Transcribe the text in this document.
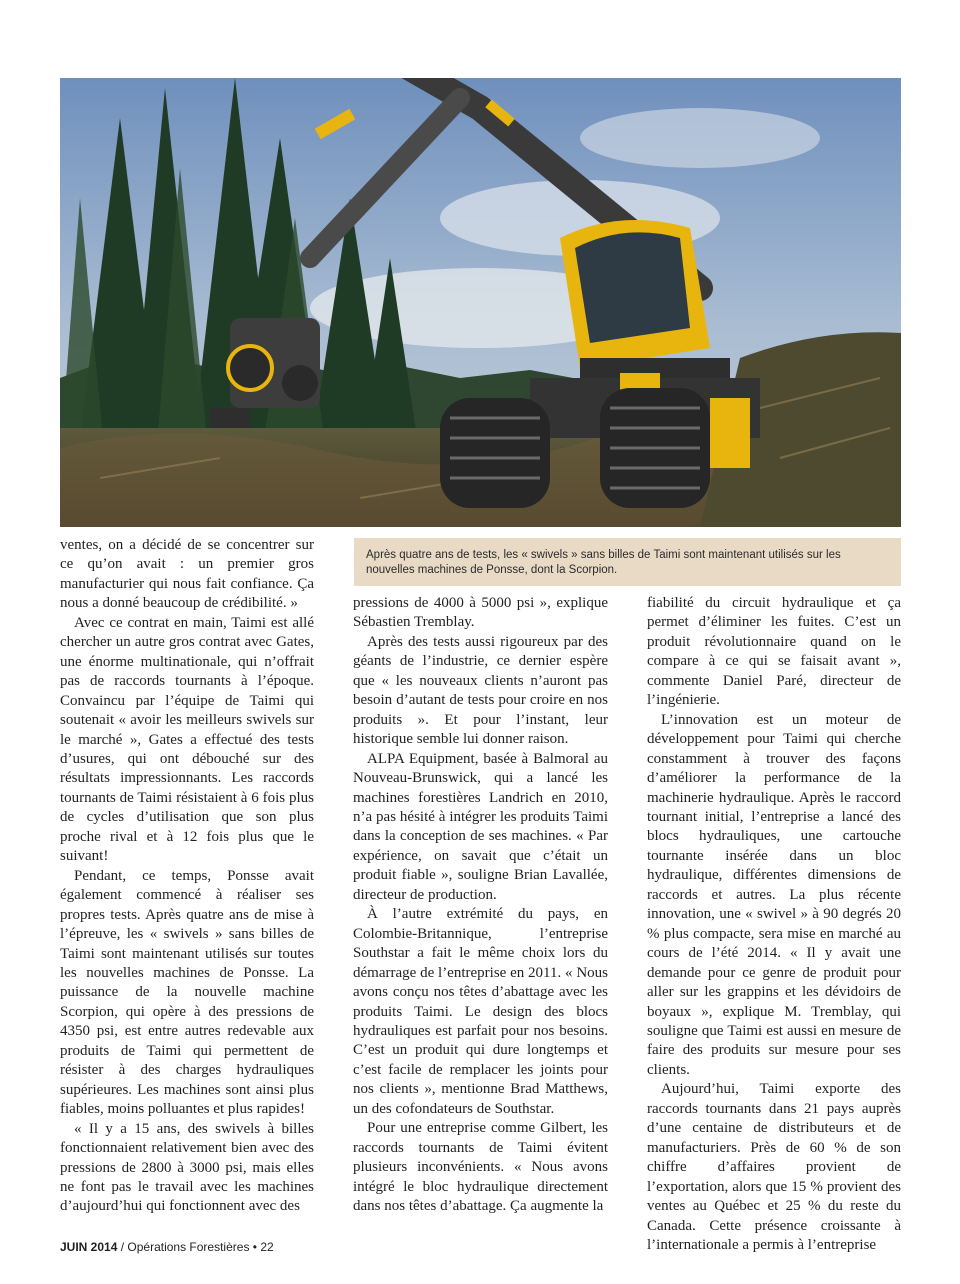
Après quatre ans de tests, les « swivels » sans billes de Taimi sont maintenant utilisés sur les nouvelles machines de Ponsse, dont la Scorpion.

ventes, on a décidé de se concentrer sur ce qu’on avait : un premier gros manufacturier qui nous fait confiance. Ça nous a donné beaucoup de crédibilité. »

Avec ce contrat en main, Taimi est allé chercher un autre gros contrat avec Gates, une énorme multinationale, qui n’offrait pas de raccords tournants à l’époque. Convaincu par l’équipe de Taimi qui soutenait « avoir les meilleurs swivels sur le marché », Gates a effectué des tests d’usures, qui ont débouché sur des résultats impressionnants. Les raccords tournants de Taimi résistaient à 6 fois plus de cycles d’utilisation que son plus proche rival et à 12 fois plus que le suivant!

Pendant, ce temps, Ponsse avait également commencé à réaliser ses propres tests. Après quatre ans de mise à l’épreuve, les « swivels » sans billes de Taimi sont maintenant utilisés sur toutes les nouvelles machines de Ponsse. La puissance de la nouvelle machine Scorpion, qui opère à des pressions de 4350 psi, est entre autres redevable aux produits de Taimi qui permettent de résister à des charges hydrauliques supérieures. Les machines sont ainsi plus fiables, moins polluantes et plus rapides!

« Il y a 15 ans, des swivels à billes fonctionnaient relativement bien avec des pressions de 2800 à 3000 psi, mais elles ne font pas le travail avec les machines d’aujourd’hui qui fonctionnent avec des

pressions de 4000 à 5000 psi », explique Sébastien Tremblay.

Après des tests aussi rigoureux par des géants de l’industrie, ce dernier espère que « les nouveaux clients n’auront pas besoin d’autant de tests pour croire en nos produits ». Et pour l’instant, leur historique semble lui donner raison.

ALPA Equipment, basée à Balmoral au Nouveau-Brunswick, qui a lancé les machines forestières Landrich en 2010, n’a pas hésité à intégrer les produits Taimi dans la conception de ses machines. « Par expérience, on savait que c’était un produit fiable », souligne Brian Lavallée, directeur de production.

À l’autre extrémité du pays, en Colombie-Britannique, l’entreprise Southstar a fait le même choix lors du démarrage de l’entreprise en 2011. « Nous avons conçu nos têtes d’abattage avec les produits Taimi. Le design des blocs hydrauliques est parfait pour nos besoins. C’est un produit qui dure longtemps et c’est facile de remplacer les joints pour nos clients », mentionne Brad Matthews, un des cofondateurs de Southstar.

Pour une entreprise comme Gilbert, les raccords tournants de Taimi évitent plusieurs inconvénients. « Nous avons intégré le bloc hydraulique directement dans nos têtes d’abattage. Ça augmente la

fiabilité du circuit hydraulique et ça permet d’éliminer les fuites. C’est un produit révolutionnaire quand on le compare à ce qui se faisait avant », commente Daniel Paré, directeur de l’ingénierie.

L’innovation est un moteur de développement pour Taimi qui cherche constamment à trouver des façons d’améliorer la performance de la machinerie hydraulique. Après le raccord tournant initial, l’entreprise a lancé des blocs hydrauliques, une cartouche tournante insérée dans un bloc hydraulique, différentes dimensions de raccords et autres. La plus récente innovation, une « swivel » à 90 degrés 20 % plus compacte, sera mise en marché au cours de l’été 2014. « Il y avait une demande pour ce genre de produit pour aller sur les grappins et les dévidoirs de boyaux », explique M. Tremblay, qui souligne que Taimi est aussi en mesure de faire des produits sur mesure pour ses clients.

Aujourd’hui, Taimi exporte des raccords tournants dans 21 pays auprès d’une centaine de distributeurs et de manufacturiers. Près de 60 % de son chiffre d’affaires provient de l’exportation, alors que 15 % provient des ventes au Québec et 25 % du reste du Canada. Cette présence croissante à l’internationale a permis à l’entreprise

JUIN 2014 / Opérations Forestières • 22
